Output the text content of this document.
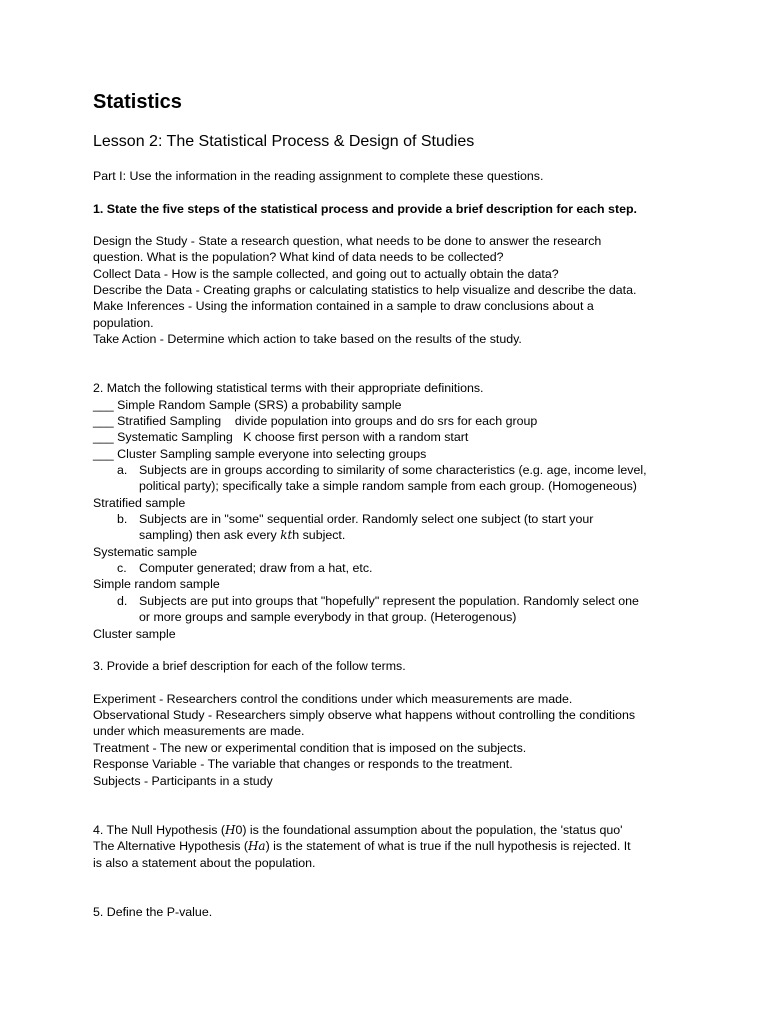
Statistics
Lesson 2: The Statistical Process & Design of Studies
Part I: Use the information in the reading assignment to complete these questions.
1. State the five steps of the statistical process and provide a brief description for each step.
Design the Study - State a research question, what needs to be done to answer the research
question. What is the population? What kind of data needs to be collected?
Collect Data - How is the sample collected, and going out to actually obtain the data?
Describe the Data - Creating graphs or calculating statistics to help visualize and describe the data.
Make Inferences - Using the information contained in a sample to draw conclusions about a
population.
Take Action - Determine which action to take based on the results of the study.
2. Match the following statistical terms with their appropriate definitions.
___ Simple Random Sample (SRS) a probability sample
___ Stratified Sampling    divide population into groups and do srs for each group
___ Systematic Sampling   K choose first person with a random start
___ Cluster Sampling sample everyone into selecting groups
a. Subjects are in groups according to similarity of some characteristics (e.g. age, income level,
political party); specifically take a simple random sample from each group. (Homogeneous)
Stratified sample
b. Subjects are in "some" sequential order. Randomly select one subject (to start your
sampling) then ask every kth subject.
Systematic sample
c. Computer generated; draw from a hat, etc.
Simple random sample
d. Subjects are put into groups that "hopefully" represent the population. Randomly select one
or more groups and sample everybody in that group. (Heterogenous)
Cluster sample
3. Provide a brief description for each of the follow terms.
Experiment - Researchers control the conditions under which measurements are made.
Observational Study - Researchers simply observe what happens without controlling the conditions
under which measurements are made.
Treatment - The new or experimental condition that is imposed on the subjects.
Response Variable - The variable that changes or responds to the treatment.
Subjects - Participants in a study
4. The Null Hypothesis (H0) is the foundational assumption about the population, the 'status quo'
The Alternative Hypothesis (Ha) is the statement of what is true if the null hypothesis is rejected. It
is also a statement about the population.
5. Define the P-value.
